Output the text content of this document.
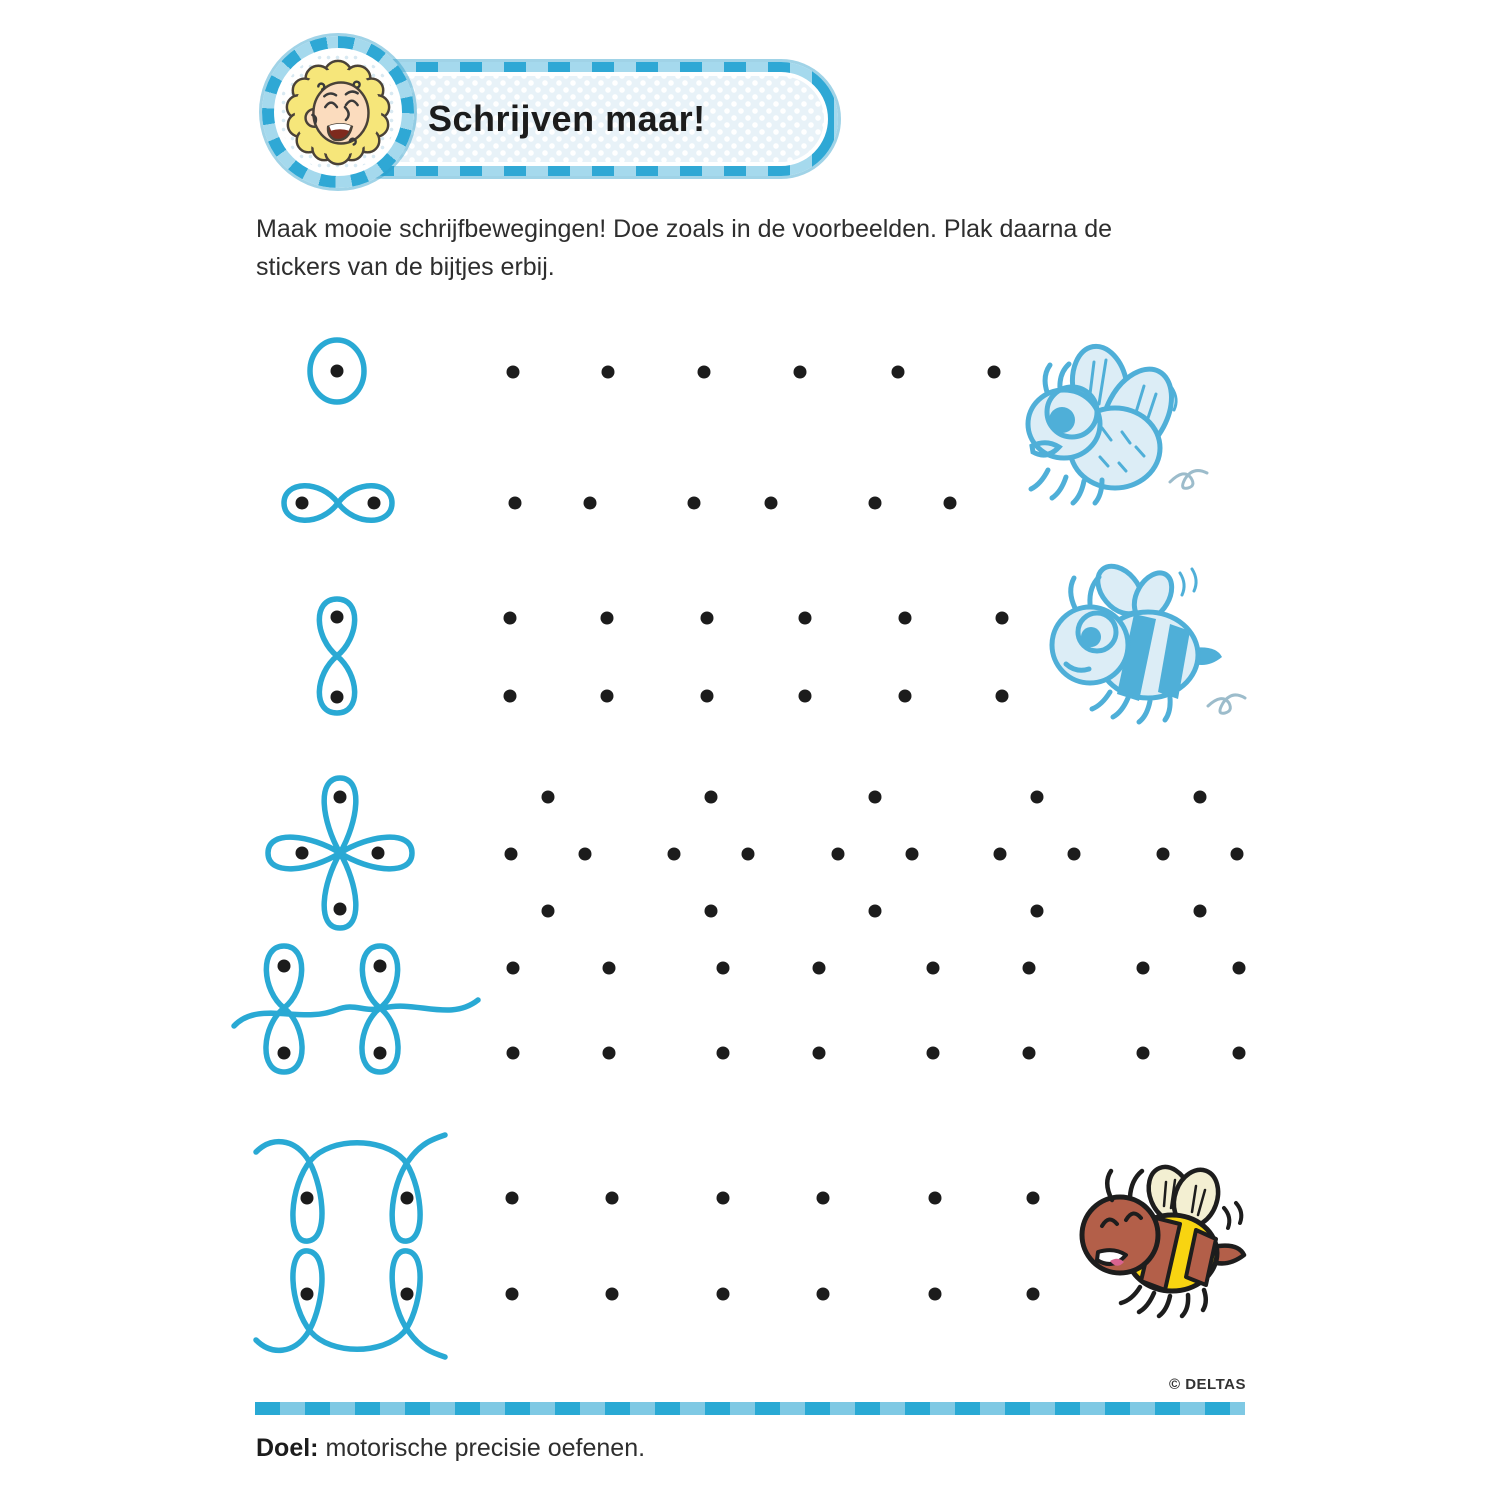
Schrijven maar!
Maak mooie schrijfbewegingen! Doe zoals in de voorbeelden. Plak daarna de
stickers van de bijtjes erbij.
© DELTAS
Doel: motorische precisie oefenen.
